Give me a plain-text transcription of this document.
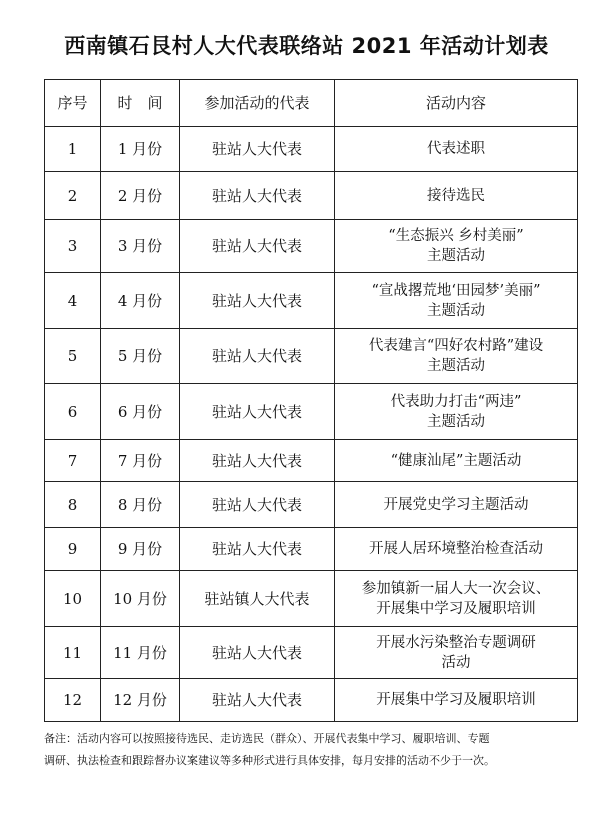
西南镇石艮村人大代表联络站 2021 年活动计划表
序号	时　间	参加活动的代表	活动内容
1	1 月份	驻站人大代表	代表述职

2	2 月份	驻站人大代表	接待选民

3	3 月份	驻站人大代表	“生态振兴 乡村美丽”
主题活动

4	4 月份	驻站人大代表	“宣战撂荒地‘田园梦’美丽”
主题活动

5	5 月份	驻站人大代表	代表建言“四好农村路”建设
主题活动

6	6 月份	驻站人大代表	代表助力打击“两违”
主题活动

7	7 月份	驻站人大代表	“健康汕尾”主题活动

8	8 月份	驻站人大代表	开展党史学习主题活动

9	9 月份	驻站人大代表	开展人居环境整治检查活动

10	10 月份	驻站镇人大代表	参加镇新一届人大一次会议、
开展集中学习及履职培训

11	11 月份	驻站人大代表	开展水污染整治专题调研
活动

12	12 月份	驻站人大代表	开展集中学习及履职培训
备注：活动内容可以按照接待选民、走访选民（群众）、开展代表集中学习、履职培训、专题
调研、执法检查和跟踪督办议案建议等多种形式进行具体安排，每月安排的活动不少于一次。
